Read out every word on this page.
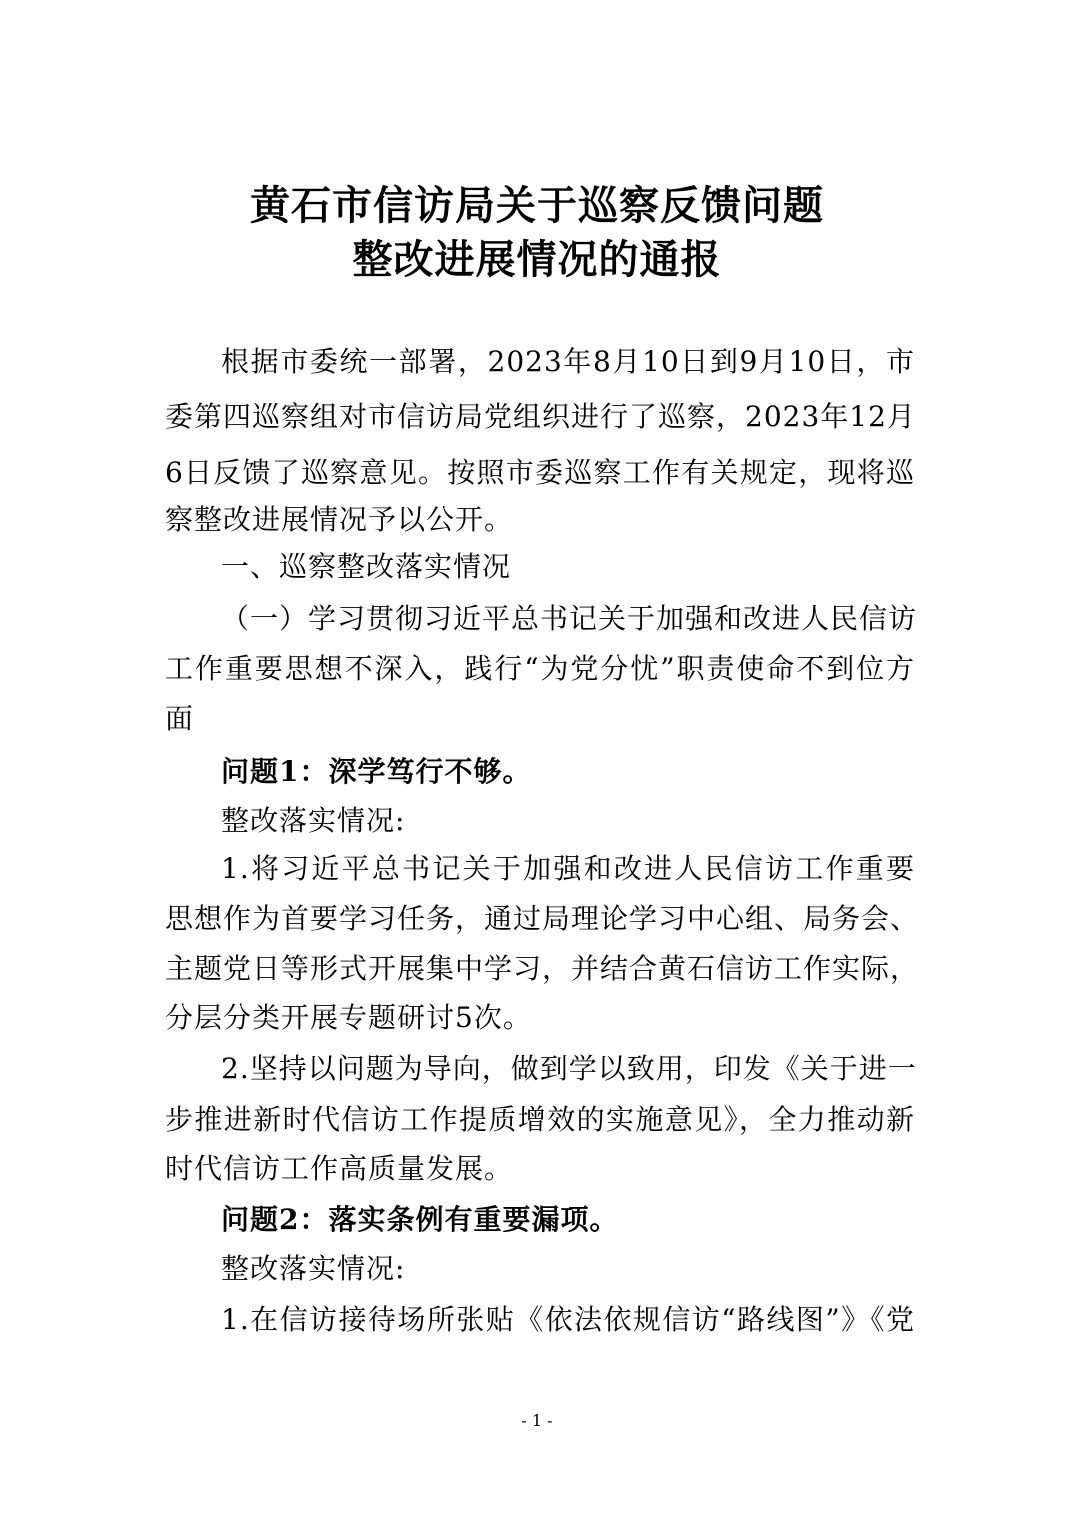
黄石市信访局关于巡察反馈问题
整改进展情况的通报
根据市委统一部署，2023年8月10日到9月10日，市
委第四巡察组对市信访局党组织进行了巡察，2023年12月
6日反馈了巡察意见。按照市委巡察工作有关规定，现将巡
察整改进展情况予以公开。
一、巡察整改落实情况
（一）学习贯彻习近平总书记关于加强和改进人民信访
工作重要思想不深入，践行“为党分忧”职责使命不到位方
面
问题1：深学笃行不够。
整改落实情况:
1.将习近平总书记关于加强和改进人民信访工作重要
思想作为首要学习任务，通过局理论学习中心组、局务会、
主题党日等形式开展集中学习，并结合黄石信访工作实际，
分层分类开展专题研讨5次。
2.坚持以问题为导向，做到学以致用，印发《关于进一
步推进新时代信访工作提质增效的实施意见》，全力推动新
时代信访工作高质量发展。
问题2：落实条例有重要漏项。
整改落实情况:
1.在信访接待场所张贴《依法依规信访“路线图”》《党
- 1 -
